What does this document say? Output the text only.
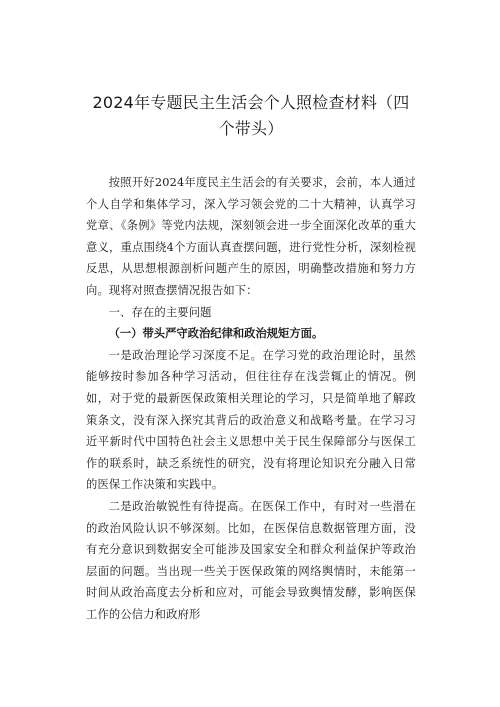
2024年专题民主生活会个人照检查材料（四个带头）

按照开好2024年度民主生活会的有关要求，会前，本人通过个人自学和集体学习，深入学习领会党的二十大精神，认真学习党章、《条例》等党内法规，深刻领会进一步全面深化改革的重大意义，重点围绕4个方面认真查摆问题，进行党性分析，深刻检视反思，从思想根源剖析问题产生的原因，明确整改措施和努力方向。现将对照查摆情况报告如下：

一、存在的主要问题

（一）带头严守政治纪律和政治规矩方面。

一是政治理论学习深度不足。在学习党的政治理论时，虽然能够按时参加各种学习活动，但往往存在浅尝辄止的情况。例如，对于党的最新医保政策相关理论的学习，只是简单地了解政策条文，没有深入探究其背后的政治意义和战略考量。在学习习近平新时代中国特色社会主义思想中关于民生保障部分与医保工作的联系时，缺乏系统性的研究，没有将理论知识充分融入日常的医保工作决策和实践中。

二是政治敏锐性有待提高。在医保工作中，有时对一些潜在的政治风险认识不够深刻。比如，在医保信息数据管理方面，没有充分意识到数据安全可能涉及国家安全和群众利益保护等政治层面的问题。当出现一些关于医保政策的网络舆情时，未能第一时间从政治高度去分析和应对，可能会导致舆情发酵，影响医保工作的公信力和政府形
